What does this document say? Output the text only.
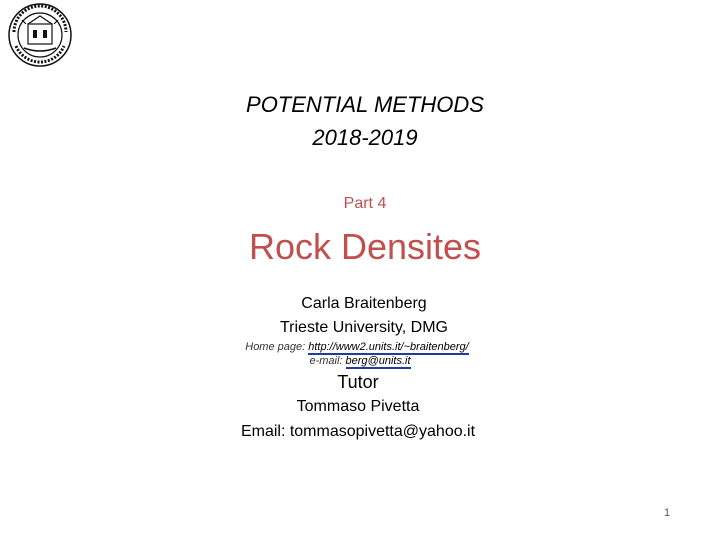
POTENTIAL METHODS
2018-2019
Part 4
Rock Densites
Carla Braitenberg
Trieste University, DMG
Home page: http://www2.units.it/~braitenberg/
e-mail: berg@units.it
Tutor
Tommaso Pivetta
Email: tommasopivetta@yahoo.it
1
